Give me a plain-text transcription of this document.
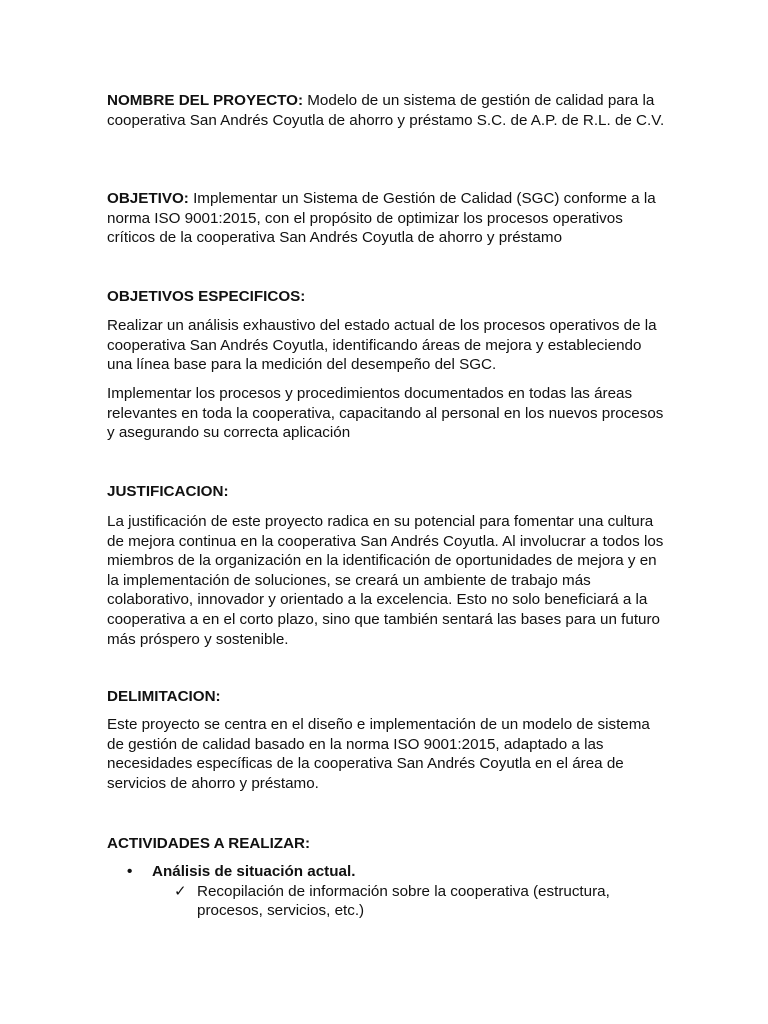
NOMBRE DEL PROYECTO: Modelo de un sistema de gestión de calidad para la cooperativa San Andrés Coyutla de ahorro y préstamo S.C. de A.P. de R.L. de C.V.

OBJETIVO: Implementar un Sistema de Gestión de Calidad (SGC) conforme a la norma ISO 9001:2015, con el propósito de optimizar los procesos operativos críticos de la cooperativa San Andrés Coyutla de ahorro y préstamo

OBJETIVOS ESPECIFICOS:

Realizar un análisis exhaustivo del estado actual de los procesos operativos de la cooperativa San Andrés Coyutla, identificando áreas de mejora y estableciendo una línea base para la medición del desempeño del SGC.

Implementar los procesos y procedimientos documentados en todas las áreas relevantes en toda la cooperativa, capacitando al personal en los nuevos procesos y asegurando su correcta aplicación

JUSTIFICACION:

La justificación de este proyecto radica en su potencial para fomentar una cultura de mejora continua en la cooperativa San Andrés Coyutla. Al involucrar a todos los miembros de la organización en la identificación de oportunidades de mejora y en la implementación de soluciones, se creará un ambiente de trabajo más colaborativo, innovador y orientado a la excelencia. Esto no solo beneficiará a la cooperativa a en el corto plazo, sino que también sentará las bases para un futuro más próspero y sostenible.

DELIMITACION:

Este proyecto se centra en el diseño e implementación de un modelo de sistema de gestión de calidad basado en la norma ISO 9001:2015, adaptado a las necesidades específicas de la cooperativa San Andrés Coyutla en el área de servicios de ahorro y préstamo.

ACTIVIDADES A REALIZAR:

• Análisis de situación actual.
✓ Recopilación de información sobre la cooperativa (estructura, procesos, servicios, etc.)
